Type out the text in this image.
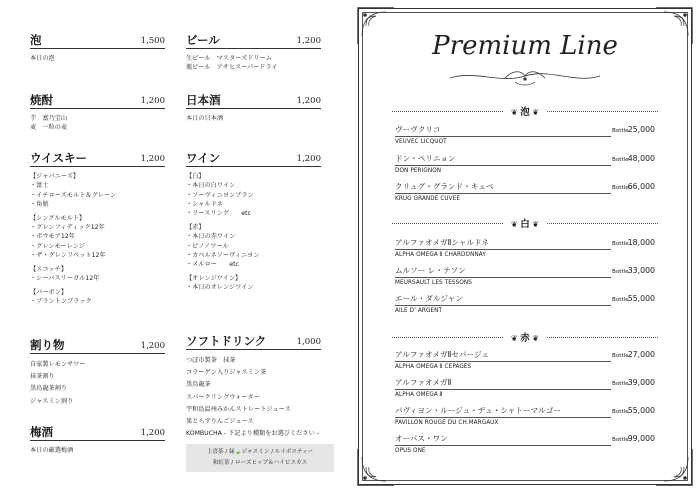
泡	1,500
本日の泡
ビール	1,200
生ビール　マスターズドリーム
瓶ビール　アサヒスーパードライ
焼酎	1,200
芋　富乃宝山
麦　一粒の麦
日本酒	1,200
本日の日本酒
ウイスキー	1,200
【ジャパニーズ】
・富士
・イチローズモルト＆グレーン
・角瓶
【シングルモルト】
・グレンフィディック12年
・ボウモア12年
・グレンモーレンジ
・ザ・グレンリベット12年
【スコッチ】
・シーバスリーガル12年
【バーボン】
・ブラントンブラック
ワイン	1,200
【白】
・本日の白ワイン
・ソーヴィニヨンブラン
・シャルドネ
・リースリング　　etc
【赤】
・本日の赤ワイン
・ピノノワール
・カベルネソーヴィニヨン
・メルロー　　etc
【オレンジワイン】
・本日のオレンジワイン
割り物	1,200
自家製レモンサワー
抹茶割り
黒烏龍茶割り
ジャスミン割り
ソフトドリンク	1,000
つぼ市製茶　抹茶
コラーゲン入りジャスミン茶
黒烏龍茶
スパークリングウォーター
宇和島温州みかんストレートジュース
果とらずりんごジュース
KOMBUCHA - 下記より種類をお選びください -
上喜茶 / 緑🍃ジャスミン / ルイボスティー
和紅茶 / ローズヒップ＆ハイビスカス
梅酒	1,200
本日の厳選梅酒
Premium Line
❦ 泡 ❦
ヴーヴクリコ
VEUVEC LICQUOT
Bottle 25,000
ドン・ペリニョン
DON PERIGNON
Bottle 48,000
クリュグ・グランド・キュベ
KRUG GRANDE CUVEE
Bottle 66,000
❦ 白 ❦
アルファオメガⅡシャルドネ
ALPHA OMEGA Ⅱ CHARDONNAY
Bottle 18,000
ムルソー レ・テソン
MEURSAULT LES TESSONS
Bottle 33,000
エール・ダルジャン
AILE D’ ARGENT
Bottle 55,000
❦ 赤 ❦
アルファオメガⅡセパージュ
ALPHA OMEGA Ⅱ CEPAGES
Bottle 27,000
アルファオメガⅡ
ALPHA OMEGA Ⅱ
Bottle 39,000
パヴィヨン・ルージュ・デュ・シャトーマルゴー
PAVILLON ROUGE DU CH.MARGAUX
Bottle 55,000
オーパス・ワン
OPUS ONE
Bottle 99,000
